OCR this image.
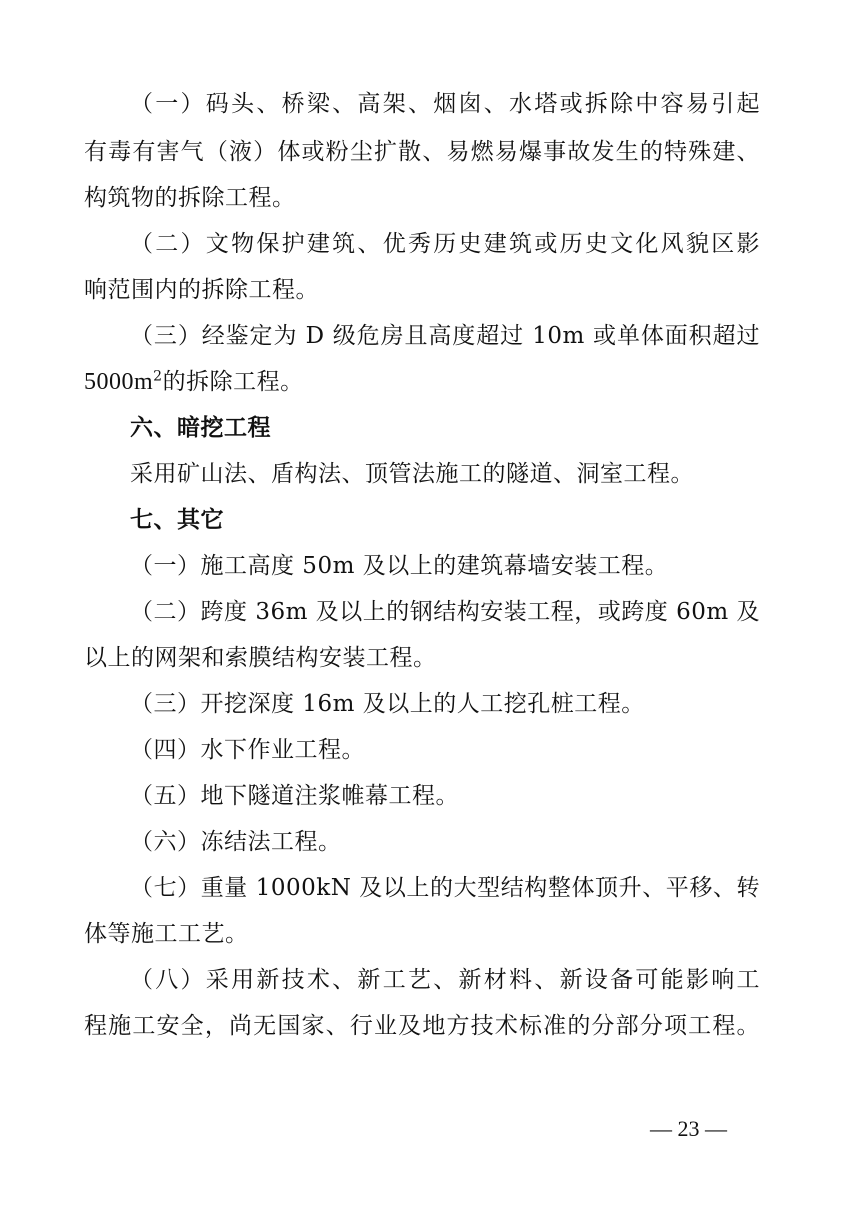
（一）码头、桥梁、高架、烟囱、水塔或拆除中容易引起
有毒有害气（液）体或粉尘扩散、易燃易爆事故发生的特殊建、
构筑物的拆除工程。
（二）文物保护建筑、优秀历史建筑或历史文化风貌区影
响范围内的拆除工程。
（三）经鉴定为 D 级危房且高度超过 10m 或单体面积超过
$5000m^2$的拆除工程。
六、暗挖工程
采用矿山法、盾构法、顶管法施工的隧道、洞室工程。
七、其它
（一）施工高度 50m 及以上的建筑幕墙安装工程。
（二）跨度 36m 及以上的钢结构安装工程，或跨度 60m 及
以上的网架和索膜结构安装工程。
（三）开挖深度 16m 及以上的人工挖孔桩工程。
（四）水下作业工程。
（五）地下隧道注浆帷幕工程。
（六）冻结法工程。
（七）重量 1000kN 及以上的大型结构整体顶升、平移、转
体等施工工艺。
（八）采用新技术、新工艺、新材料、新设备可能影响工
程施工安全，尚无国家、行业及地方技术标准的分部分项工程。
— 23 —
